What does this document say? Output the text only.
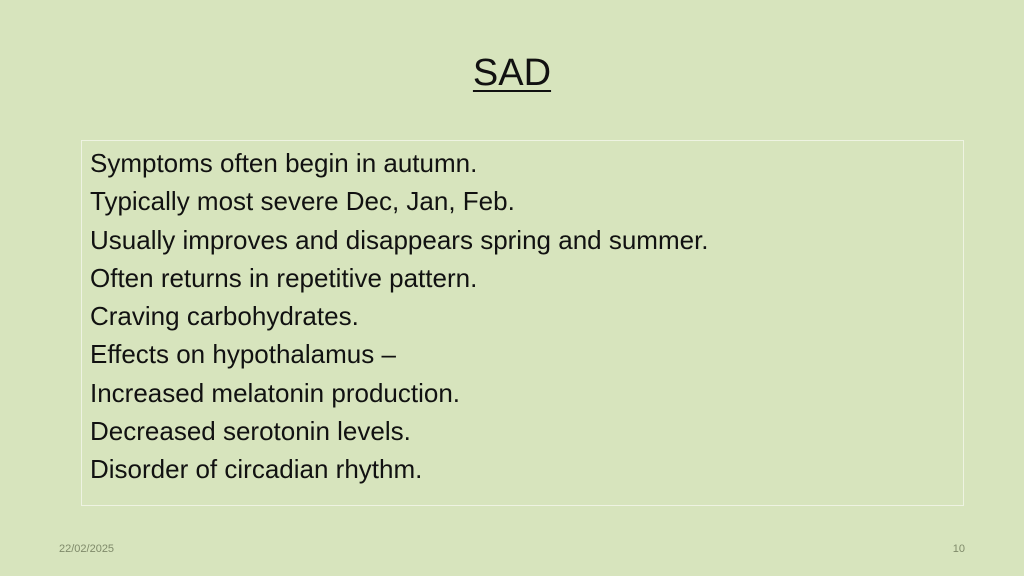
SAD
Symptoms often begin in autumn.
Typically most severe Dec, Jan, Feb.
Usually improves and disappears spring and summer.
Often returns in repetitive pattern.
Craving carbohydrates.
Effects on hypothalamus –
Increased melatonin production.
Decreased serotonin levels.
Disorder of circadian rhythm.
22/02/2025	10
